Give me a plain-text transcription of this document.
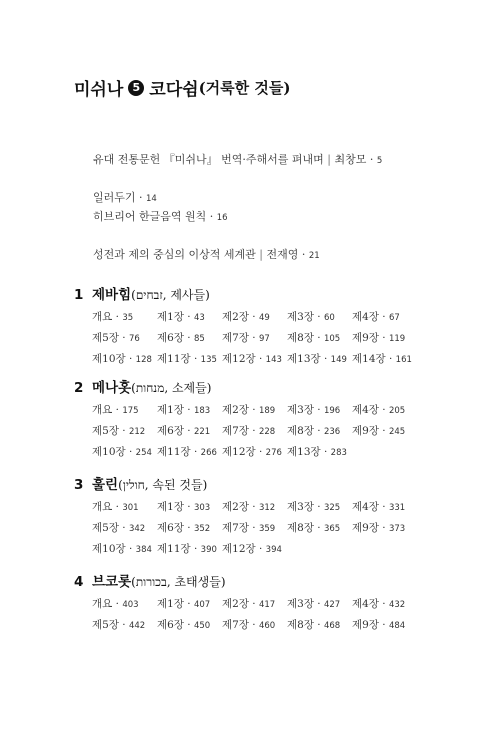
미쉬나 5 코다쉼 (거룩한 것들)
유대 전통문헌 『미쉬나』 번역·주해서를 펴내며 | 최창모 · 5
일러두기 · 14
히브리어 한글음역 원칙 · 16
성전과 제의 중심의 이상적 세계관 | 전재영 · 21
1 제바힘 (זבחים, 제사들)
개요 · 35	제1장 · 43	제2장 · 49	제3장 · 60	제4장 · 67
제5장 · 76	제6장 · 85	제7장 · 97	제8장 · 105	제9장 · 119
제10장 · 128 제11장 · 135 제12장 · 143 제13장 · 149 제14장 · 161
2 메나홋 (מנחות, 소제들)
개요 · 175	제1장 · 183	제2장 · 189	제3장 · 196	제4장 · 205
제5장 · 212	제6장 · 221	제7장 · 228	제8장 · 236	제9장 · 245
제10장 · 254 제11장 · 266 제12장 · 276 제13장 · 283
3 훌린 (חולין, 속된 것들)
개요 · 301	제1장 · 303	제2장 · 312	제3장 · 325	제4장 · 331
제5장 · 342	제6장 · 352	제7장 · 359	제8장 · 365	제9장 · 373
제10장 · 384 제11장 · 390 제12장 · 394
4 브코롯 (בכורות, 초태생들)
개요 · 403	제1장 · 407	제2장 · 417	제3장 · 427	제4장 · 432
제5장 · 442	제6장 · 450	제7장 · 460	제8장 · 468	제9장 · 484
